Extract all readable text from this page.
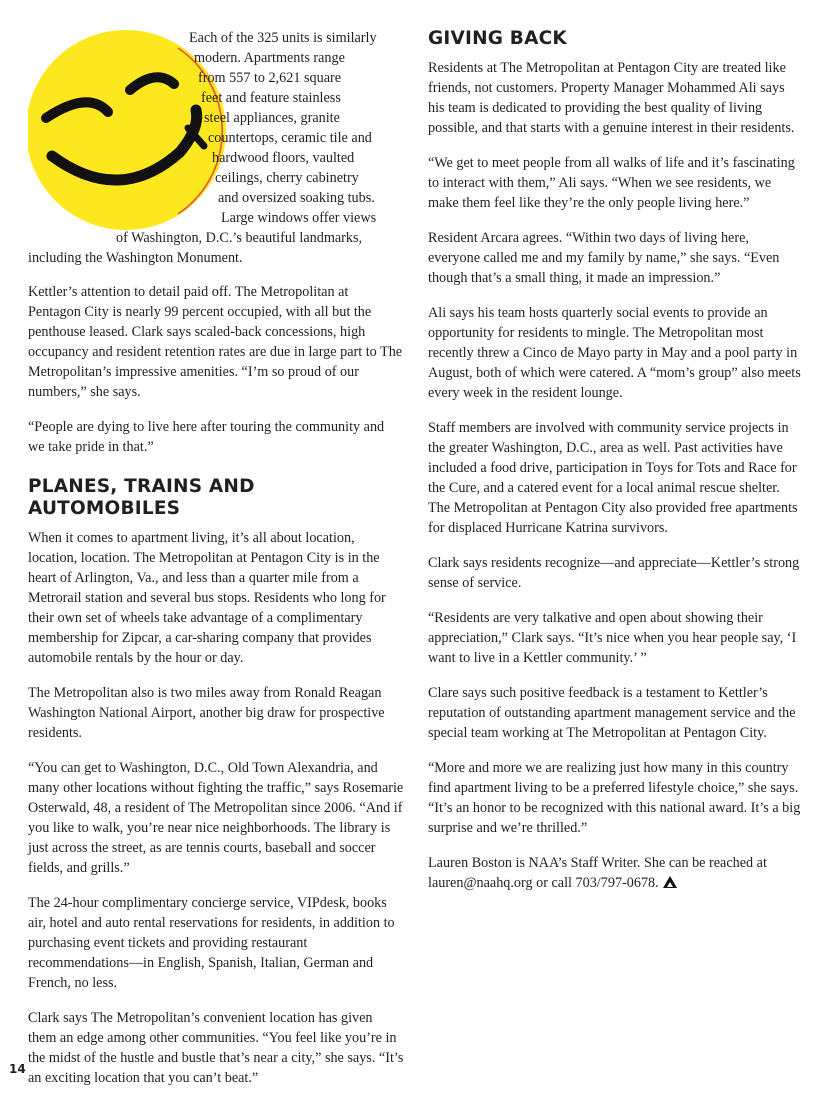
Each of the 325 units is similarly
modern. Apartments range
from 557 to 2,621 square
feet and feature stainless
steel appliances, granite
countertops, ceramic tile and
hardwood floors, vaulted
ceilings, cherry cabinetry
and oversized soaking tubs.
Large windows offer views
of Washington, D.C.’s beautiful landmarks,
including the Washington Monument.

Kettler’s attention to detail paid off. The Metropolitan at Pentagon City is nearly 99 percent occupied, with all but the penthouse leased. Clark says scaled-back concessions, high occupancy and resident retention rates are due in large part to The Metropolitan’s impressive amenities. “I’m so proud of our numbers,” she says.

“People are dying to live here after touring the community and we take pride in that.”

PLANES, TRAINS AND AUTOMOBILES

When it comes to apartment living, it’s all about location, location, location. The Metropolitan at Pentagon City is in the heart of Arlington, Va., and less than a quarter mile from a Metrorail station and several bus stops. Residents who long for their own set of wheels take advantage of a complimentary membership for Zipcar, a car-sharing company that provides automobile rentals by the hour or day.

The Metropolitan also is two miles away from Ronald Reagan Washington National Airport, another big draw for prospective residents.

“You can get to Washington, D.C., Old Town Alexandria, and many other locations without fighting the traffic,” says Rosemarie Osterwald, 48, a resident of The Metropolitan since 2006. “And if you like to walk, you’re near nice neighborhoods. The library is just across the street, as are tennis courts, baseball and soccer fields, and grills.”

The 24-hour complimentary concierge service, VIPdesk, books air, hotel and auto rental reservations for residents, in addition to purchasing event tickets and providing restaurant recommendations—in English, Spanish, Italian, German and French, no less.

Clark says The Metropolitan’s convenient location has given them an edge among other communities. “You feel like you’re in the midst of the hustle and bustle that’s near a city,” she says. “It’s an exciting location that you can’t beat.”

GIVING BACK

Residents at The Metropolitan at Pentagon City are treated like friends, not customers. Property Manager Mohammed Ali says his team is dedicated to providing the best quality of living possible, and that starts with a genuine interest in their residents.

“We get to meet people from all walks of life and it’s fascinating to interact with them,” Ali says. “When we see residents, we make them feel like they’re the only people living here.”

Resident Arcara agrees. “Within two days of living here, everyone called me and my family by name,” she says. “Even though that’s a small thing, it made an impression.”

Ali says his team hosts quarterly social events to provide an opportunity for residents to mingle. The Metropolitan most recently threw a Cinco de Mayo party in May and a pool party in August, both of which were catered. A “mom’s group” also meets every week in the resident lounge.

Staff members are involved with community service projects in the greater Washington, D.C., area as well. Past activities have included a food drive, participation in Toys for Tots and Race for the Cure, and a catered event for a local animal rescue shelter. The Metropolitan at Pentagon City also provided free apartments for displaced Hurricane Katrina survivors.

Clark says residents recognize—and appreciate—Kettler’s strong sense of service.

“Residents are very talkative and open about showing their appreciation,” Clark says. “It’s nice when you hear people say, ‘I want to live in a Kettler community.’ ”

Clare says such positive feedback is a testament to Kettler’s reputation of outstanding apartment management service and the special team working at The Metropolitan at Pentagon City.

“More and more we are realizing just how many in this country find apartment living to be a preferred lifestyle choice,” she says. “It’s an honor to be recognized with this national award. It’s a big surprise and we’re thrilled.”

Lauren Boston is NAA’s Staff Writer. She can be reached at lauren@naahq.org or call 703/797-0678.

14
